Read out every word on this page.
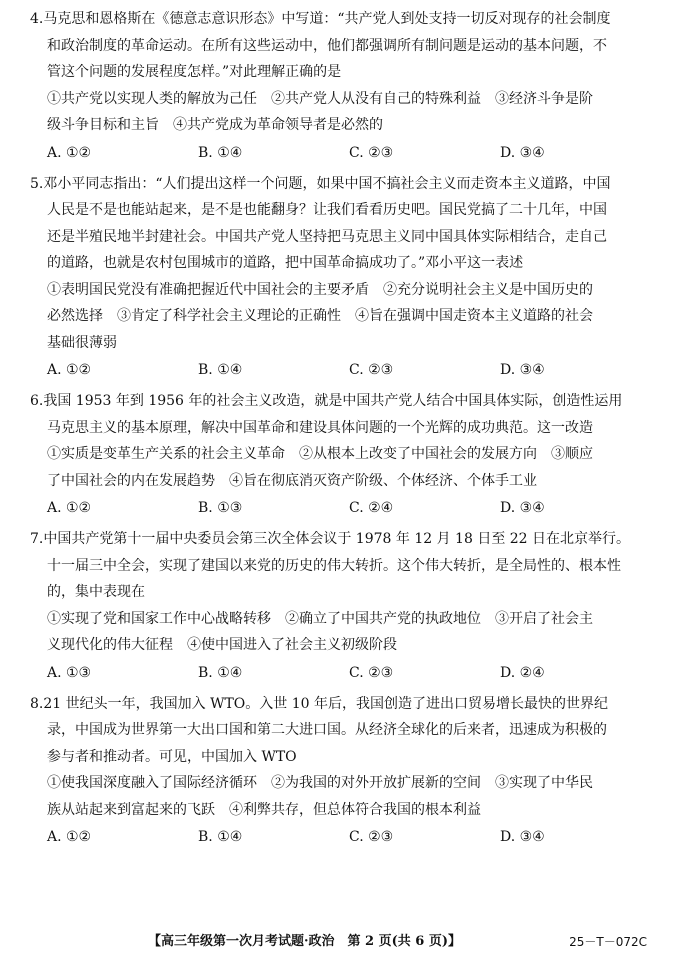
4.马克思和恩格斯在《德意志意识形态》中写道：“共产党人到处支持一切反对现存的社会制度
和政治制度的革命运动。在所有这些运动中，他们都强调所有制问题是运动的基本问题，不
管这个问题的发展程度怎样。”对此理解正确的是
①共产党以实现人类的解放为己任　②共产党人从没有自己的特殊利益　③经济斗争是阶
级斗争目标和主旨　④共产党成为革命领导者是必然的
A. ①②	B. ①④	C. ②③	D. ③④
5.邓小平同志指出：“人们提出这样一个问题，如果中国不搞社会主义而走资本主义道路，中国
人民是不是也能站起来，是不是也能翻身？让我们看看历史吧。国民党搞了二十几年，中国
还是半殖民地半封建社会。中国共产党人坚持把马克思主义同中国具体实际相结合，走自己
的道路，也就是农村包围城市的道路，把中国革命搞成功了。”邓小平这一表述
①表明国民党没有准确把握近代中国社会的主要矛盾　②充分说明社会主义是中国历史的
必然选择　③肯定了科学社会主义理论的正确性　④旨在强调中国走资本主义道路的社会
基础很薄弱
A. ①②	B. ①④	C. ②③	D. ③④
6.我国 1953 年到 1956 年的社会主义改造，就是中国共产党人结合中国具体实际，创造性运用
马克思主义的基本原理，解决中国革命和建设具体问题的一个光辉的成功典范。这一改造
①实质是变革生产关系的社会主义革命　②从根本上改变了中国社会的发展方向　③顺应
了中国社会的内在发展趋势　④旨在彻底消灭资产阶级、个体经济、个体手工业
A. ①②	B. ①③	C. ②④	D. ③④
7.中国共产党第十一届中央委员会第三次全体会议于 1978 年 12 月 18 日至 22 日在北京举行。
十一届三中全会，实现了建国以来党的历史的伟大转折。这个伟大转折，是全局性的、根本性
的，集中表现在
①实现了党和国家工作中心战略转移　②确立了中国共产党的执政地位　③开启了社会主
义现代化的伟大征程　④使中国进入了社会主义初级阶段
A. ①③	B. ①④	C. ②③	D. ②④
8.21 世纪头一年，我国加入 WTO。入世 10 年后，我国创造了进出口贸易增长最快的世界纪
录，中国成为世界第一大出口国和第二大进口国。从经济全球化的后来者，迅速成为积极的
参与者和推动者。可见，中国加入 WTO
①使我国深度融入了国际经济循环　②为我国的对外开放扩展新的空间　③实现了中华民
族从站起来到富起来的飞跃　④利弊共存，但总体符合我国的根本利益
A. ①②	B. ①④	C. ②③	D. ③④
【高三年级第一次月考试题·政治　第 2 页(共 6 页)】	25－T－072C
